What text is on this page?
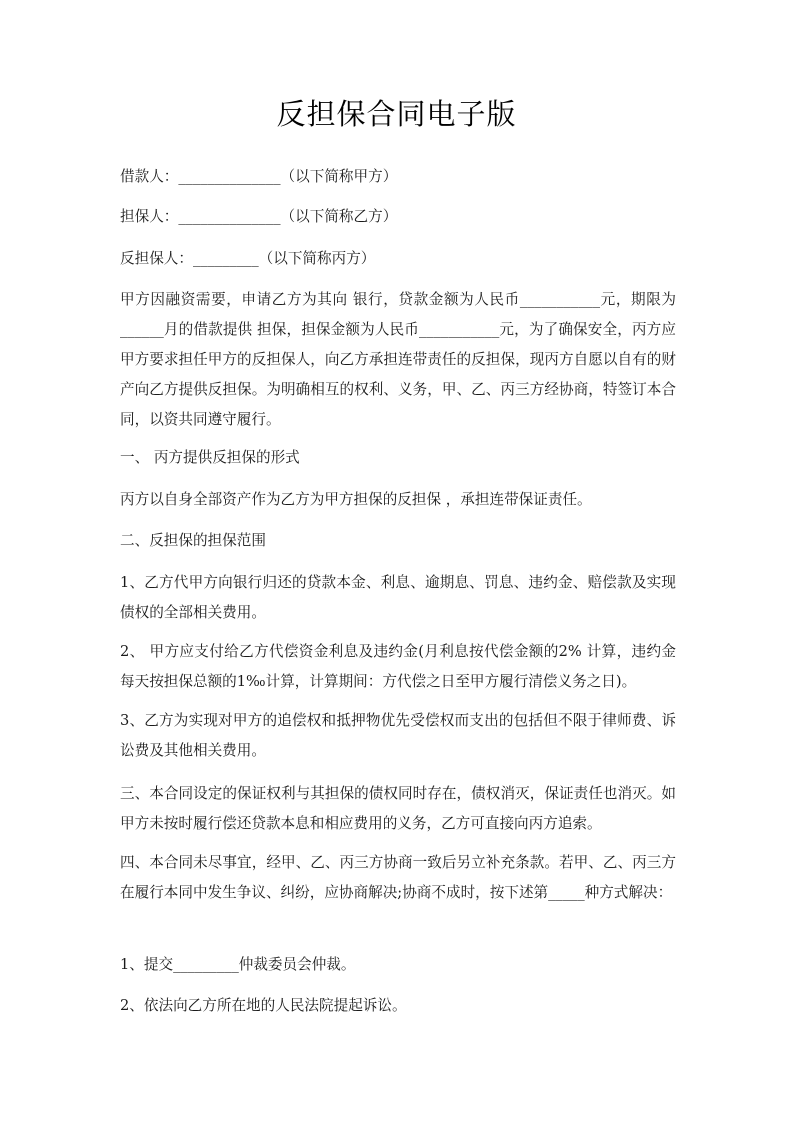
反担保合同电子版
借款人：______________（以下简称甲方）
担保人：______________（以下简称乙方）
反担保人：_________（以下简称丙方）
甲方因融资需要，申请乙方为其向 银行，贷款金额为人民币___________元，期限为______月的借款提供 担保，担保金额为人民币___________元，为了确保安全，丙方应甲方要求担任甲方的反担保人，向乙方承担连带责任的反担保，现丙方自愿以自有的财产向乙方提供反担保。为明确相互的权利、义务，甲、乙、丙三方经协商，特签订本合同，以资共同遵守履行。
一、 丙方提供反担保的形式
丙方以自身全部资产作为乙方为甲方担保的反担保 ，承担连带保证责任。
二、反担保的担保范围
1、乙方代甲方向银行归还的贷款本金、利息、逾期息、罚息、违约金、赔偿款及实现债权的全部相关费用。
2、 甲方应支付给乙方代偿资金利息及违约金(月利息按代偿金额的2% 计算，违约金每天按担保总额的1‰计算，计算期间：方代偿之日至甲方履行清偿义务之日)。
3、乙方为实现对甲方的追偿权和抵押物优先受偿权而支出的包括但不限于律师费、诉讼费及其他相关费用。
三、本合同设定的保证权利与其担保的债权同时存在，债权消灭，保证责任也消灭。如甲方未按时履行偿还贷款本息和相应费用的义务，乙方可直接向丙方追索。
四、本合同未尽事宜，经甲、乙、丙三方协商一致后另立补充条款。若甲、乙、丙三方在履行本同中发生争议、纠纷，应协商解决;协商不成时，按下述第_____种方式解决：
1、提交_________仲裁委员会仲裁。
2、依法向乙方所在地的人民法院提起诉讼。
